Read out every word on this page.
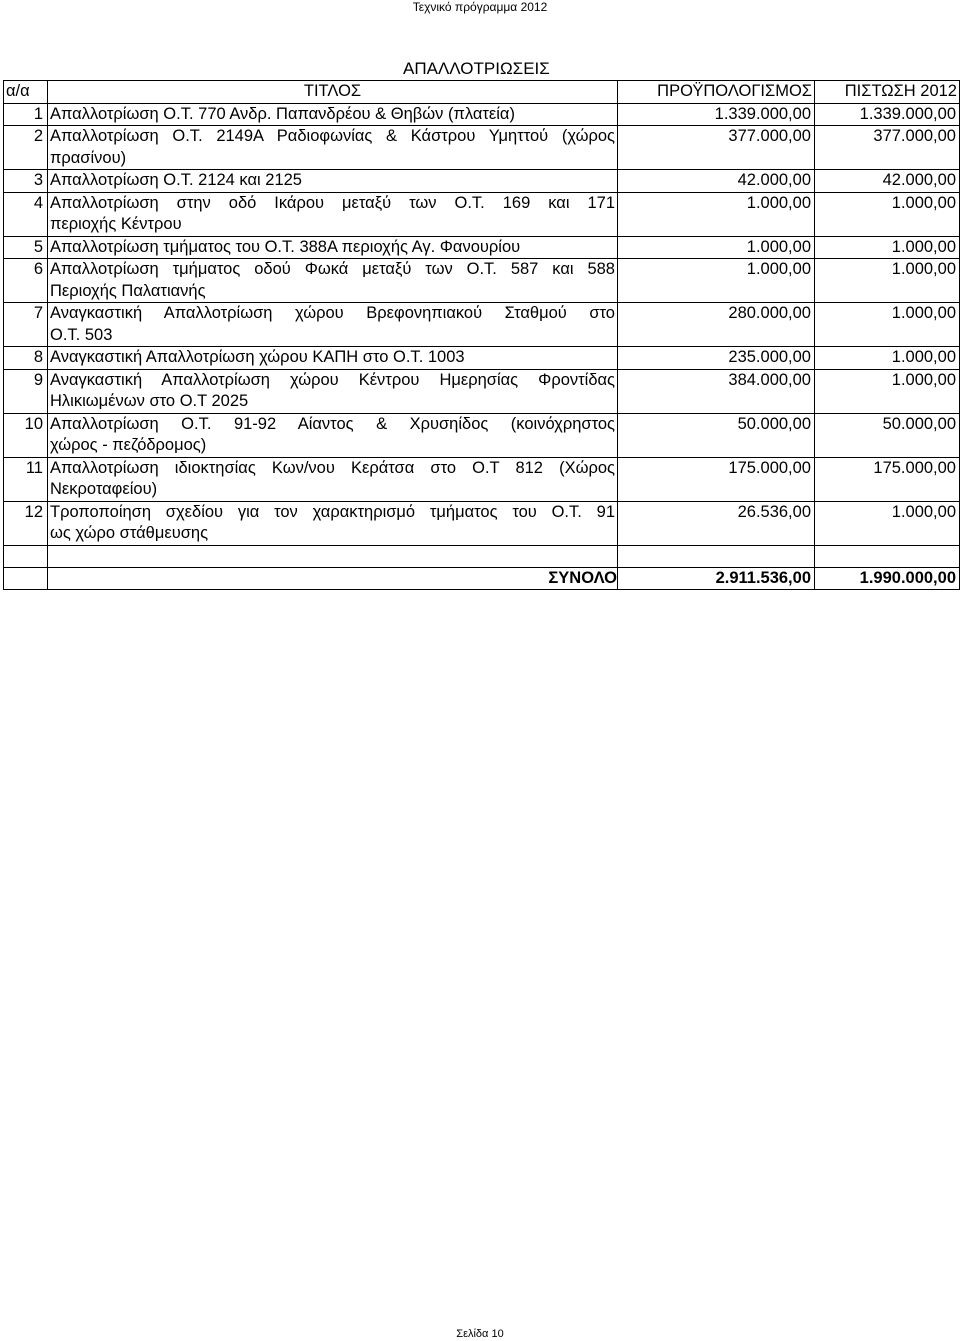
Τεχνικό πρόγραμμα 2012
ΑΠΑΛΛΟΤΡΙΩΣΕΙΣ
α/α	ΤΙΤΛΟΣ	ΠΡΟΫΠΟΛΟΓΙΣΜΟΣ	ΠΙΣΤΩΣΗ 2012
1	Απαλλοτρίωση Ο.Τ. 770 Ανδρ. Παπανδρέου & Θηβών (πλατεία)	1.339.000,00	1.339.000,00
2	Απαλλοτρίωση Ο.Τ. 2149Α Ραδιοφωνίας & Κάστρου Υμηττού (χώρος
πρασίνου)	377.000,00	377.000,00
3	Απαλλοτρίωση Ο.Τ. 2124 και 2125	42.000,00	42.000,00
4	Απαλλοτρίωση στην οδό Ικάρου μεταξύ των Ο.Τ. 169 και 171
περιοχής Κέντρου	1.000,00	1.000,00
5	Απαλλοτρίωση τμήματος του Ο.Τ. 388Α περιοχής Αγ. Φανουρίου	1.000,00	1.000,00
6	Απαλλοτρίωση τμήματος οδού Φωκά μεταξύ των Ο.Τ. 587 και 588
Περιοχής Παλατιανής	1.000,00	1.000,00
7	Αναγκαστική Απαλλοτρίωση χώρου Βρεφονηπιακού Σταθμού στο
Ο.Τ. 503	280.000,00	1.000,00
8	Αναγκαστική Απαλλοτρίωση χώρου ΚΑΠΗ στο Ο.Τ. 1003	235.000,00	1.000,00
9	Αναγκαστική Απαλλοτρίωση χώρου Κέντρου Ημερησίας Φροντίδας
Ηλικιωμένων στο Ο.Τ 2025	384.000,00	1.000,00
10	Απαλλοτρίωση Ο.Τ. 91-92 Αίαντος & Χρυσηίδος (κοινόχρηστος
χώρος - πεζόδρομος)	50.000,00	50.000,00
11	Απαλλοτρίωση ιδιοκτησίας Κων/νου Κεράτσα στο Ο.Τ 812 (Χώρος
Νεκροταφείου)	175.000,00	175.000,00
12	Τροποποίηση σχεδίου για τον χαρακτηρισμό τμήματος του Ο.Τ. 91
ως χώρο στάθμευσης	26.536,00	1.000,00

	ΣΥΝΟΛΟ	2.911.536,00	1.990.000,00
Σελίδα 10
